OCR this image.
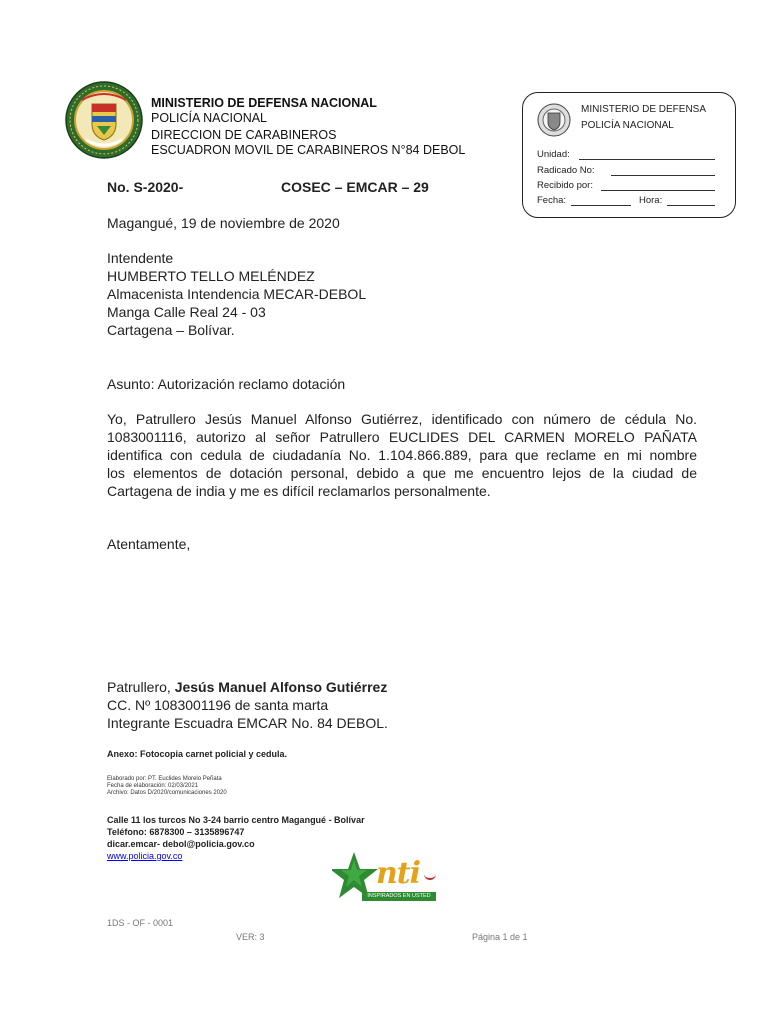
MINISTERIO DE DEFENSA NACIONAL
POLICÍA NACIONAL
DIRECCION DE CARABINEROS
ESCUADRON MOVIL DE CARABINEROS N°84 DEBOL
MINISTERIO DE DEFENSA
POLICÍA NACIONAL
Unidad:
Radicado No:
Recibido por:
Fecha:	Hora:
No. S-2020-	COSEC – EMCAR – 29
Magangué, 19 de noviembre de 2020
Intendente
HUMBERTO TELLO MELÉNDEZ
Almacenista Intendencia MECAR-DEBOL
Manga Calle Real 24 - 03
Cartagena – Bolívar.
Asunto: Autorización reclamo dotación
Yo, Patrullero Jesús Manuel Alfonso Gutiérrez, identificado con número de cédula No.
1083001116, autorizo al señor Patrullero EUCLIDES DEL CARMEN MORELO PAÑATA
identifica con cedula de ciudadanía No. 1.104.866.889, para que reclame en mi nombre
los elementos de dotación personal, debido a que me encuentro lejos de la ciudad de
Cartagena de india y me es difícil reclamarlos personalmente.
Atentamente,
Patrullero, Jesús Manuel Alfonso Gutiérrez
CC. Nº 1083001196 de santa marta
Integrante Escuadra EMCAR No. 84 DEBOL.
Anexo: Fotocopia carnet policial y cedula.
Elaborado por: PT. Euclides Morelo Peñata
Fecha de elaboración: 02/03/2021
Archivo: Datos D/2020/comunicaciones 2020
Calle 11 los turcos No 3-24 barrio centro Magangué - Bolívar
Teléfono: 6878300 – 3135896747
dicar.emcar- debol@policia.gov.co
www.policia.gov.co	nti
INSPIRADOS EN USTED
1DS - OF - 0001
VER: 3	Página 1 de 1
